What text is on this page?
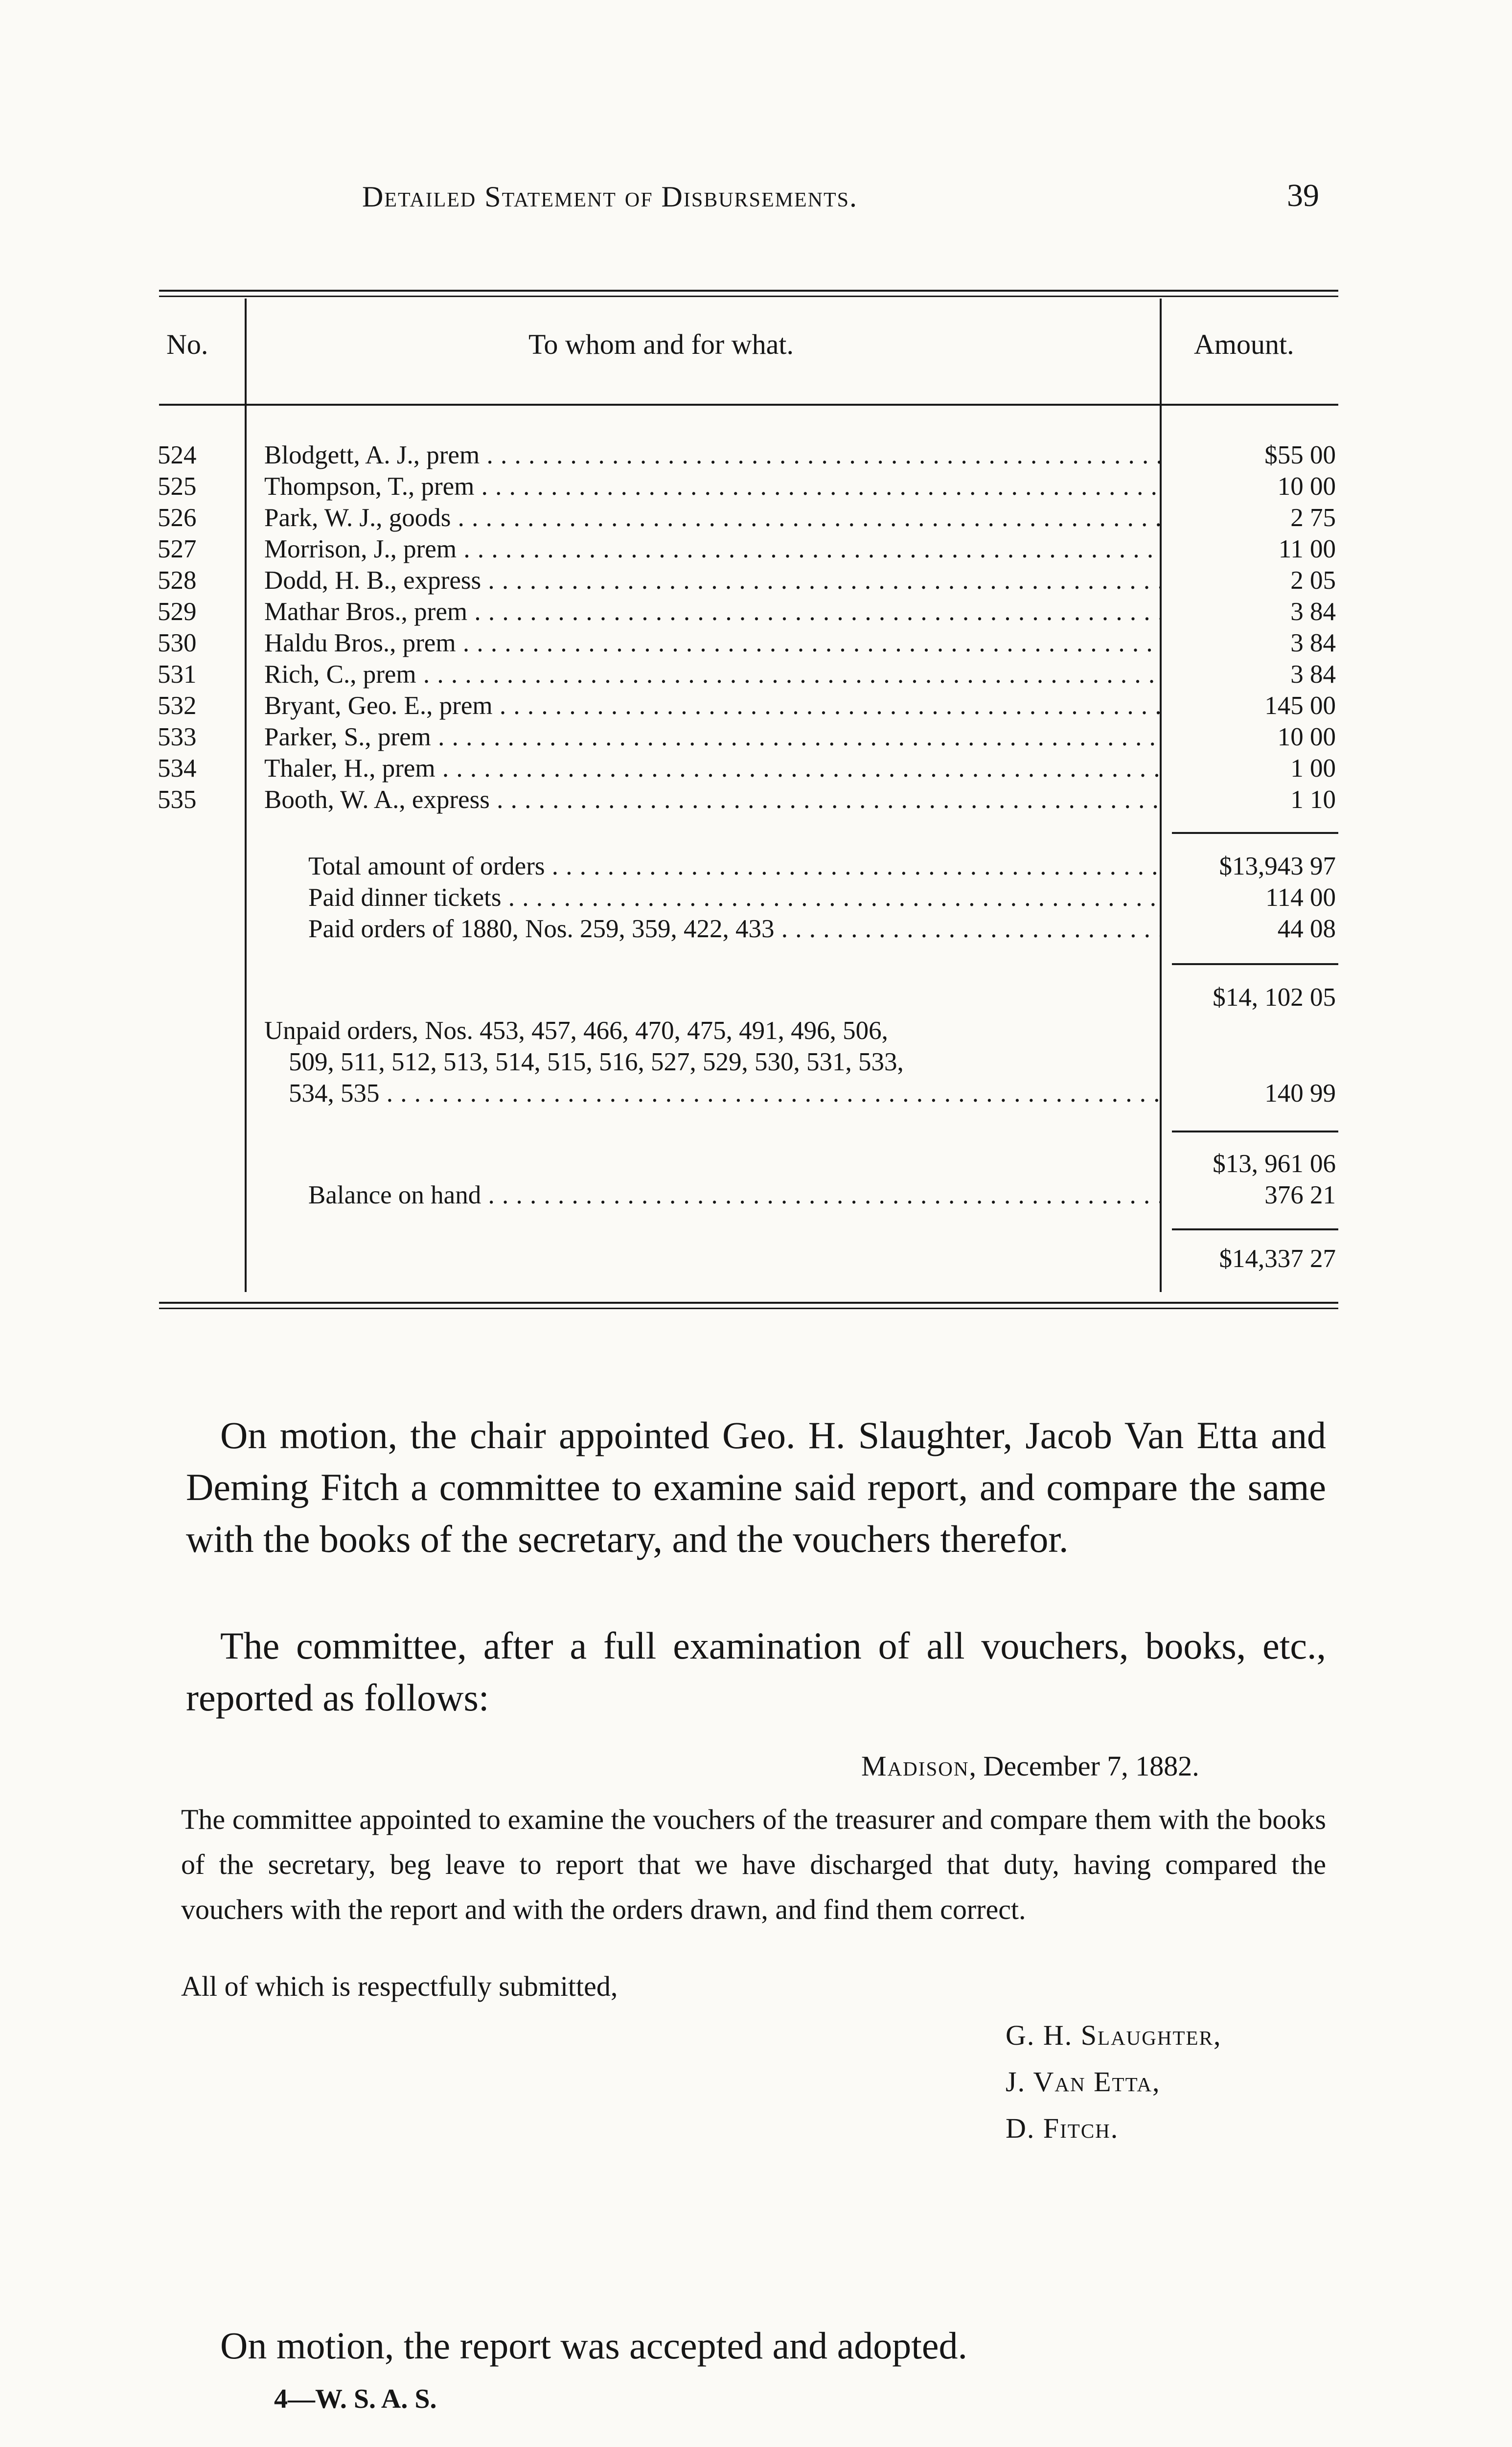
Detailed Statement of Disbursements.	39
No.	To whom and for what.	Amount.
524	Blodgett, A. J., prem . . .	$55 00
525	Thompson, T., prem . . .	10 00
526	Park, W. J., goods . . .	2 75
527	Morrison, J., prem . . .	11 00
528	Dodd, H. B., express . . .	2 05
529	Mathar Bros., prem . . .	3 84
530	Haldu Bros., prem . . .	3 84
531	Rich, C., prem . . .	3 84
532	Bryant, Geo. E., prem . . .	145 00
533	Parker, S., prem . . .	10 00
534	Thaler, H., prem . . .	1 00
535	Booth, W. A., express . . .	1 10
Total amount of orders . . .	$13,943 97
Paid dinner tickets . . .	114 00
Paid orders of 1880, Nos. 259, 359, 422, 433 . . .	44 08
$14, 102 05
Unpaid orders, Nos. 453, 457, 466, 470, 475, 491, 496, 506,
509, 511, 512, 513, 514, 515, 516, 527, 529, 530, 531, 533,
534, 535 . . .	140 99
$13, 961 06
Balance on hand . . .	376 21
$14,337 27
On motion, the chair appointed Geo. H. Slaughter, Jacob Van Etta and Deming Fitch a committee to examine said report, and compare the same with the books of the secretary, and the vouchers therefor.
The committee, after a full examination of all vouchers, books, etc., reported as follows:
Madison, December 7, 1882.
The committee appointed to examine the vouchers of the treasurer and compare them with the books of the secretary, beg leave to report that we have discharged that duty, having compared the vouchers with the report and with the orders drawn, and find them correct.
All of which is respectfully submitted,
G. H. Slaughter,
J. Van Etta,
D. Fitch.
On motion, the report was accepted and adopted.
4—W. S. A. S.
